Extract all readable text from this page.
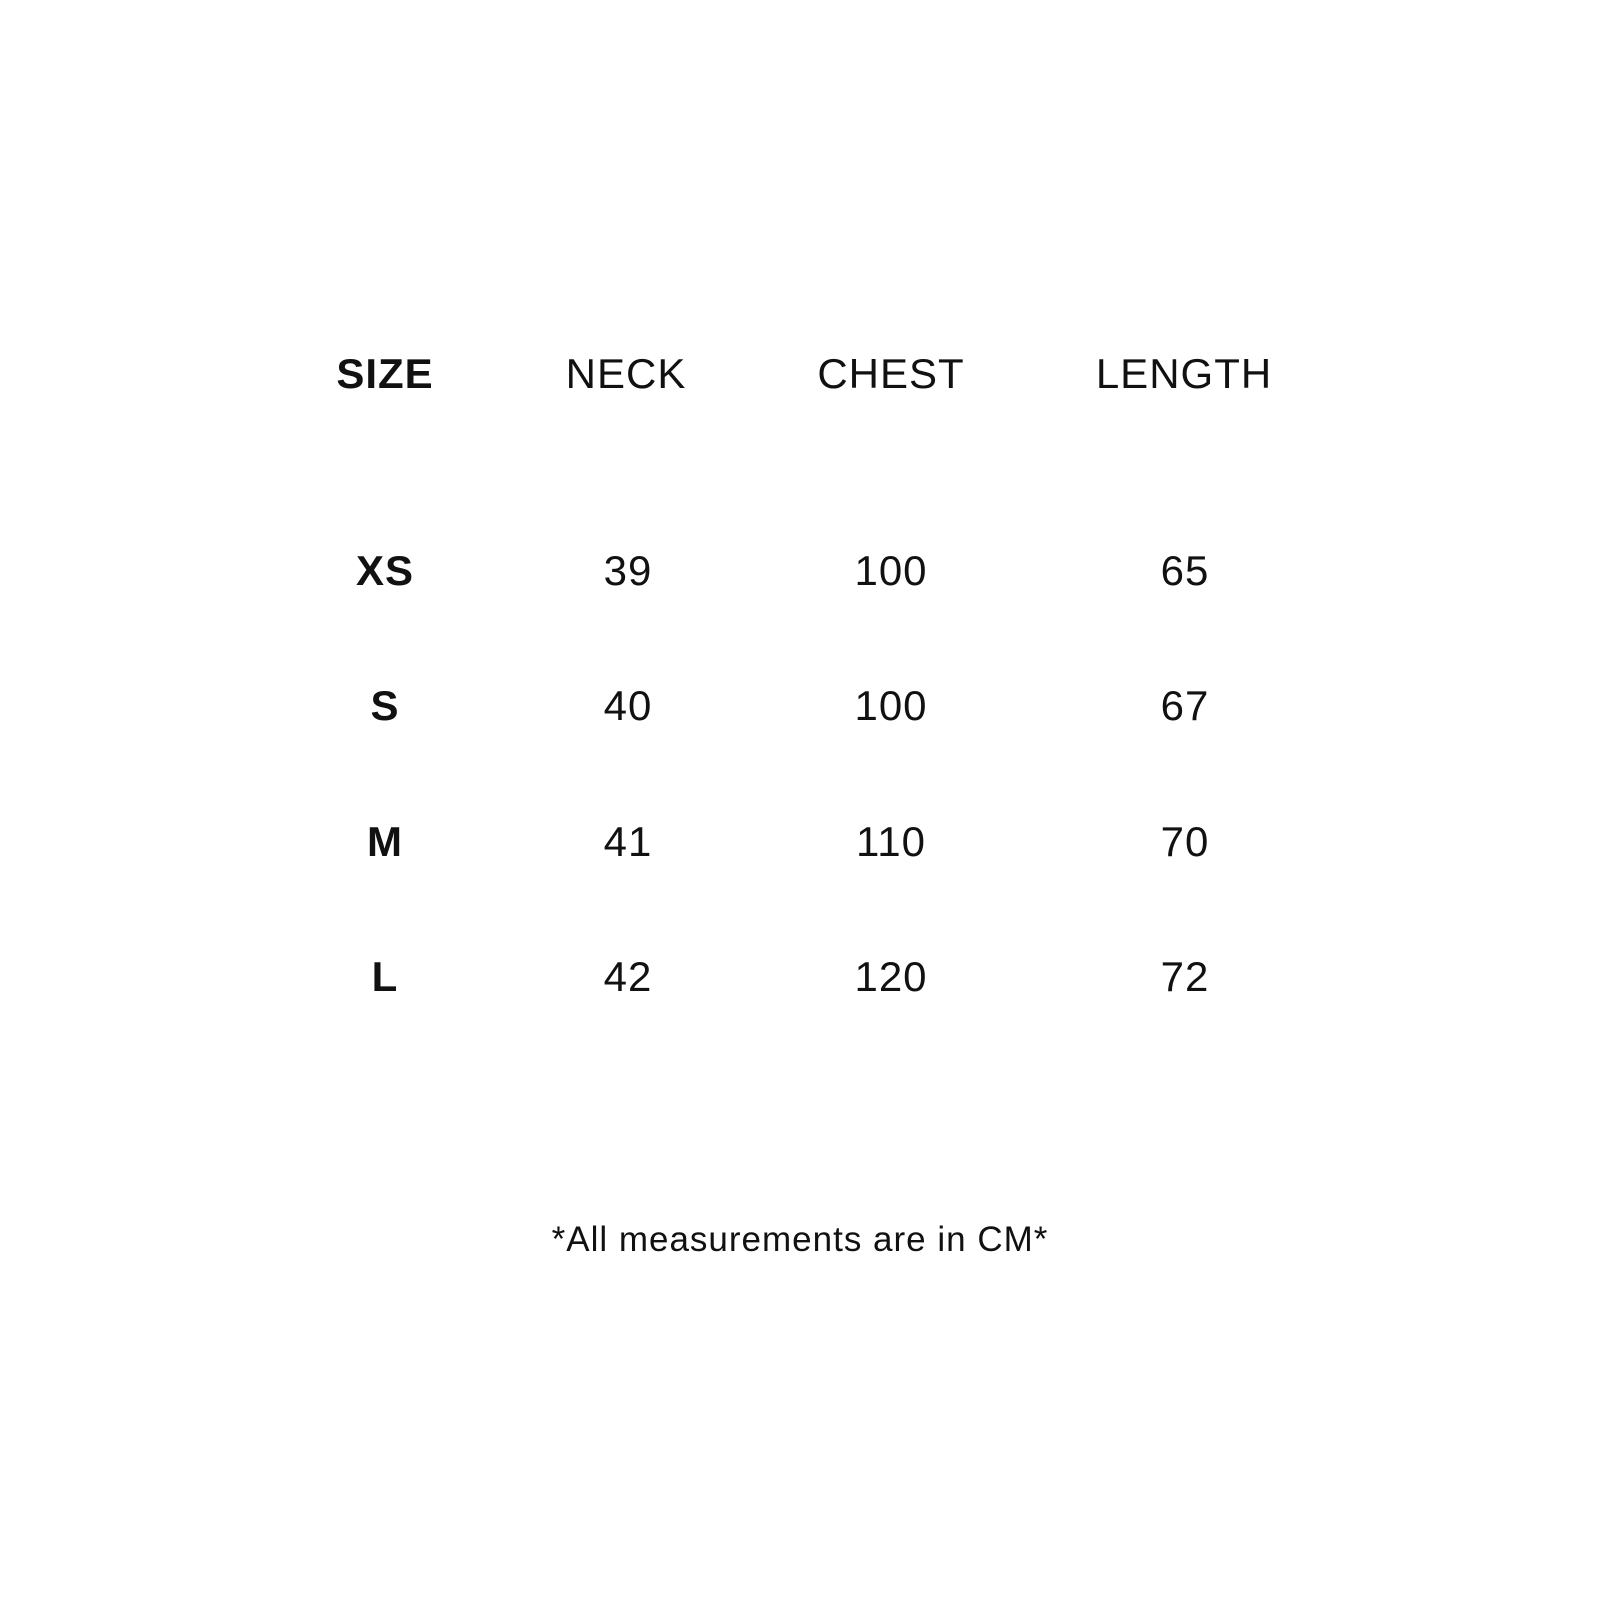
SIZE	NECK	CHEST	LENGTH
XS	39	100	65
S	40	100	67
M	41	110	70
L	42	120	72
*All measurements are in CM*
